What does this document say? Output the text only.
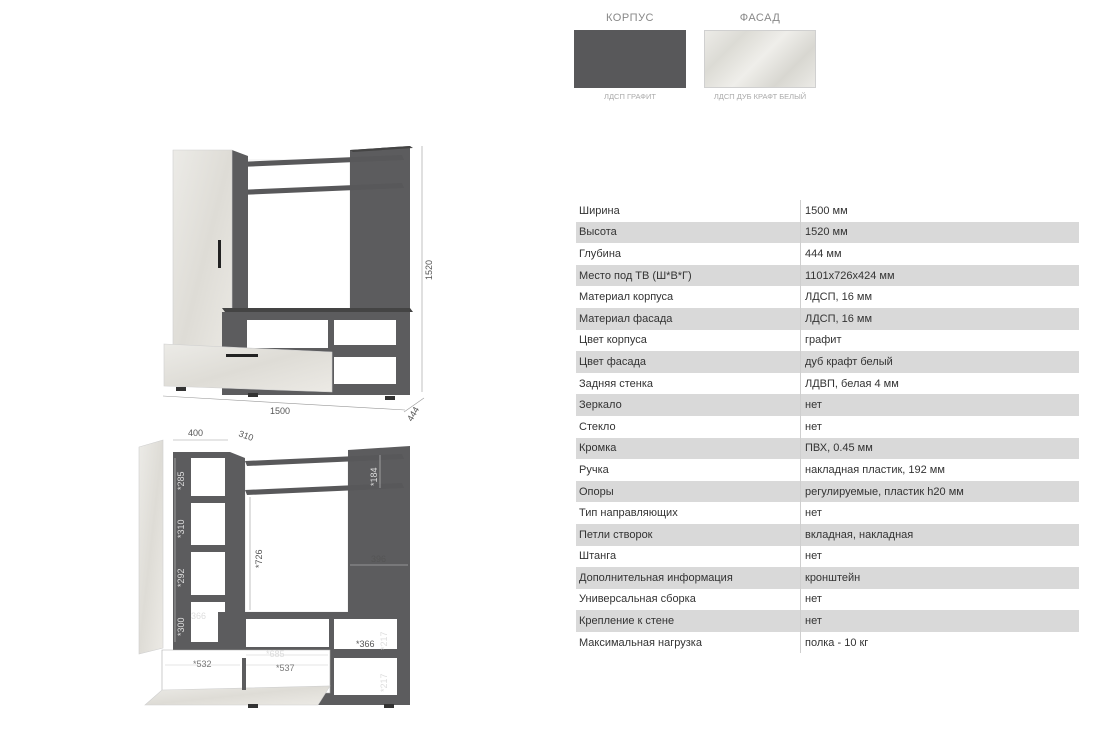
КОРПУС
ЛДСП ГРАФИТ
ФАСАД
ЛДСП ДУБ КРАФТ БЕЛЫЙ
1500
1520
444
400	310
*285
*310
*292
*300
366
*726
*184
396
*685
*532	*537
*366 *217
*217
Ширина	1500 мм
Высота	1520 мм
Глубина	444 мм
Место под ТВ (Ш*В*Г)	1101x726x424 мм
Материал корпуса	ЛДСП, 16 мм
Материал фасада	ЛДСП, 16 мм
Цвет корпуса	графит
Цвет фасада	дуб крафт белый
Задняя стенка	ЛДВП, белая 4 мм
Зеркало	нет
Стекло	нет
Кромка	ПВХ, 0.45 мм
Ручка	накладная пластик, 192 мм
Опоры	регулируемые, пластик h20 мм
Тип направляющих	нет
Петли створок	вкладная, накладная
Штанга	нет
Дополнительная информация	кронштейн
Универсальная сборка	нет
Крепление к стене	нет
Максимальная нагрузка	полка - 10 кг
